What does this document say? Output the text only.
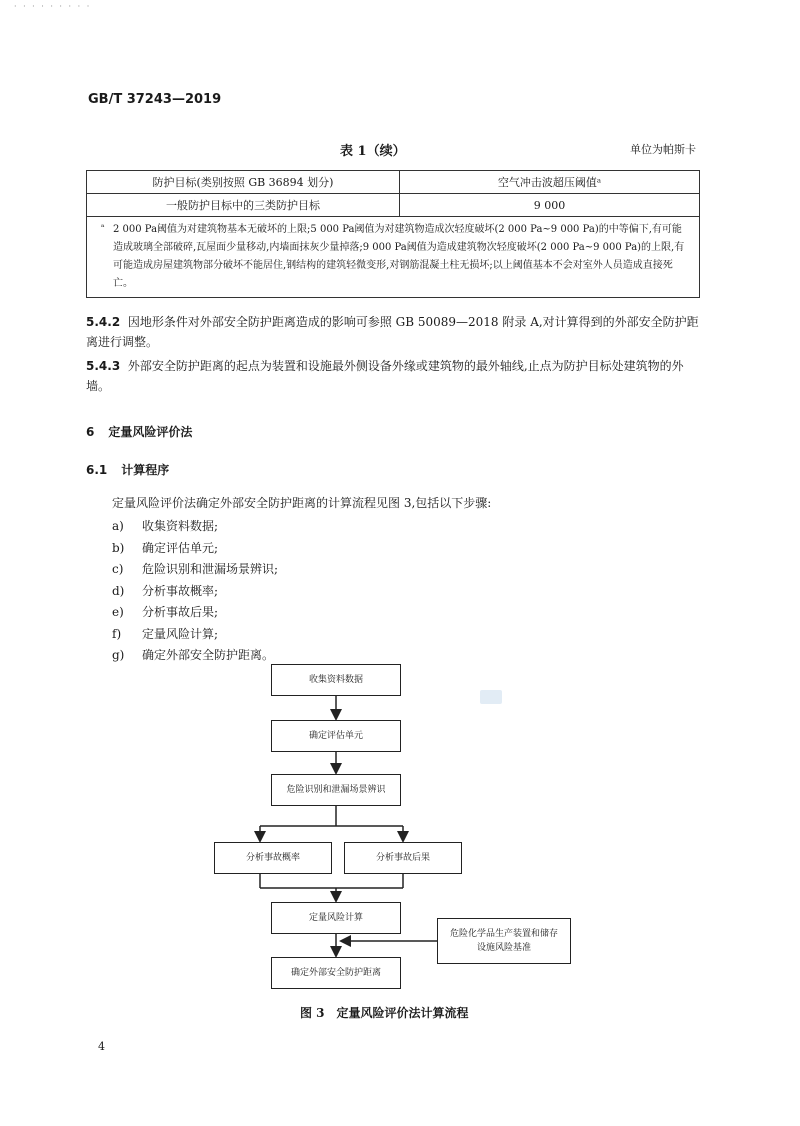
· · · · · · · · ·
GB/T 37243—2019
表 1（续）	单位为帕斯卡
防护目标(类别按照 GB 36894 划分)	空气冲击波超压阈值ᵃ
一般防护目标中的三类防护目标	9 000

ᵃ 2 000 Pa阈值为对建筑物基本无破坏的上限;5 000 Pa阈值为对建筑物造成次轻度破坏(2 000 Pa~9 000 Pa)的中等偏下,有可能造成玻璃全部破碎,瓦屋面少量移动,内墙面抹灰少量掉落;9 000 Pa阈值为造成建筑物次轻度破坏(2 000 Pa~9 000 Pa)的上限,有可能造成房屋建筑物部分破坏不能居住,钢结构的建筑轻微变形,对钢筋混凝土柱无损坏;以上阈值基本不会对室外人员造成直接死亡。	
5.4.2 因地形条件对外部安全防护距离造成的影响可参照 GB 50089—2018 附录 A,对计算得到的外部安全防护距离进行调整。
5.4.3 外部安全防护距离的起点为装置和设施最外侧设备外缘或建筑物的最外轴线,止点为防护目标处建筑物的外墙。
6 定量风险评价法
6.1 计算程序
定量风险评价法确定外部安全防护距离的计算流程见图 3,包括以下步骤:
a) 收集资料数据;
b) 确定评估单元;
c) 危险识别和泄漏场景辨识;
d) 分析事故概率;
e) 分析事故后果;
f) 定量风险计算;
g) 确定外部安全防护距离。
收集资料数据
确定评估单元
危险识别和泄漏场景辨识
分析事故概率	分析事故后果
定量风险计算
危险化学品生产装置和储存设施风险基准
确定外部安全防护距离
图 3 定量风险评价法计算流程
4
